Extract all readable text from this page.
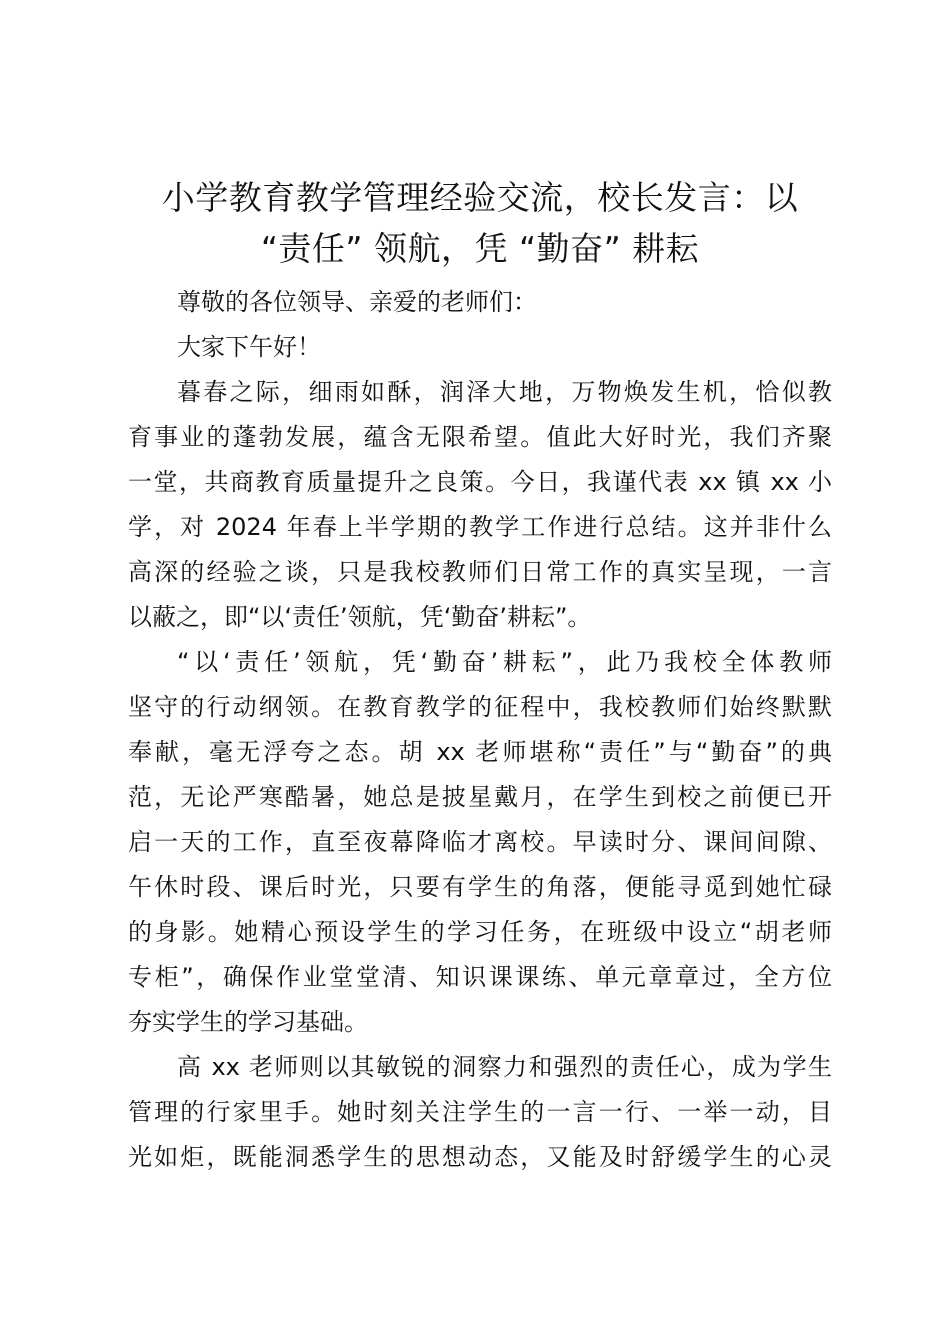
小学教育教学管理经验交流，校长发言：以
“责任” 领航，凭 “勤奋” 耕耘
尊敬的各位领导、亲爱的老师们：
大家下午好！
暮春之际，细雨如酥，润泽大地，万物焕发生机，恰似教
育事业的蓬勃发展，蕴含无限希望。值此大好时光，我们齐聚
一堂，共商教育质量提升之良策。今日，我谨代表 xx 镇 xx 小
学，对 2024 年春上半学期的教学工作进行总结。这并非什么
高深的经验之谈，只是我校教师们日常工作的真实呈现，一言
以蔽之，即“以‘责任’领航，凭‘勤奋’耕耘”。
“以‘责任’领航，凭‘勤奋’耕耘”，此乃我校全体教师
坚守的行动纲领。在教育教学的征程中，我校教师们始终默默
奉献，毫无浮夸之态。胡 xx 老师堪称“责任”与“勤奋”的典
范，无论严寒酷暑，她总是披星戴月，在学生到校之前便已开
启一天的工作，直至夜幕降临才离校。早读时分、课间间隙、
午休时段、课后时光，只要有学生的角落，便能寻觅到她忙碌
的身影。她精心预设学生的学习任务，在班级中设立“胡老师
专柜”，确保作业堂堂清、知识课课练、单元章章过，全方位
夯实学生的学习基础。
高 xx 老师则以其敏锐的洞察力和强烈的责任心，成为学生
管理的行家里手。她时刻关注学生的一言一行、一举一动，目
光如炬，既能洞悉学生的思想动态，又能及时舒缓学生的心灵
